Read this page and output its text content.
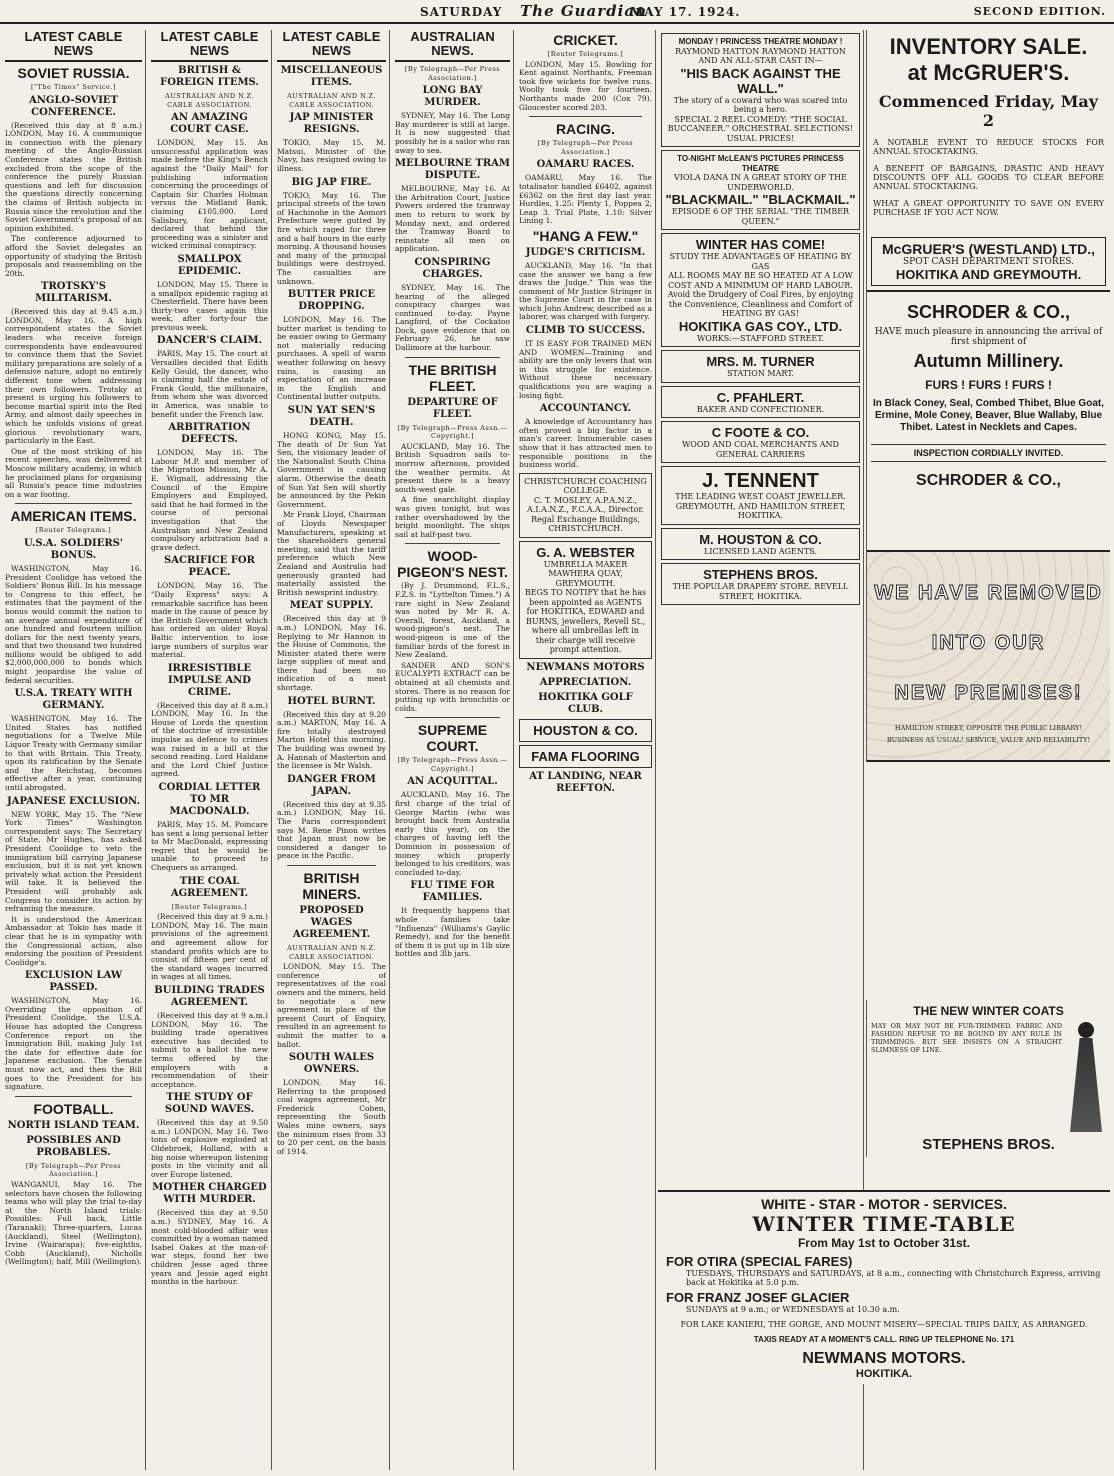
SATURDAY The Guardian
MAY 17. 1924.	SECOND EDITION.
LATEST CABLE NEWS
SOVIET RUSSIA.
["The Times" Service.]
ANGLO-SOVIET CONFERENCE.

(Received this day at 8 a.m.) LONDON, May 16. A communique in connection with the plenary meeting of the Anglo-Russian Conference states the British excluded from the scope of the conference the purely Russian questions and left for discussion the questions directly concerning the claims of British subjects in Russia since the revolution and the Soviet Government's proposal of an opinion exhibited.

The conference adjourned to afford the Soviet delegates an opportunity of studying the British proposals and reassembling on the 20th.

TROTSKY'S MILITARISM.

(Received this day at 9.45 a.m.) LONDON, May 16. A high correspondent states the Soviet leaders who receive foreign correspondents have endeavoured to convince them that the Soviet military preparations are solely of a defensive nature, adopt no entirely different tone when addressing their own followers. Trotsky at present is urging his followers to become martial spirit into the Red Army, and almost daily speeches in which he unfolds visions of great glorious revolutionary wars, particularly in the East.

One of the most striking of his recent speeches, was delivered at Moscow military academy, in which he proclaimed plans for organising all Russia's peace time industries on a war footing.

AMERICAN ITEMS.
[Reuter Telegrams.]
U.S.A. SOLDIERS' BONUS.

WASHINGTON, May 16. President Coolidge has vetoed the Soldiers' Bonus Bill. In his message to Congress to this effect, he estimates that the payment of the bonus would commit the nation to an average annual expenditure of one hundred and fourteen million dollars for the next twenty years, and that two thousand two hundred millions would be obliged to add $2,000,000,000 to bonds which might jeopardise the value of federal securities.

U.S.A. TREATY WITH GERMANY.

WASHINGTON, May 16. The United States has notified negotiations for a Twelve Mile Liquor Treaty with Germany similar to that with Britain. This Treaty, upon its ratification by the Senate and the Reichstag, becomes effective after a year, continuing until abrogated.

JAPANESE EXCLUSION.

NEW YORK, May 15. The "New York Times" Washington correspondent says: The Secretary of State, Mr Hughes, has asked President Coolidge to veto the immigration bill carrying Japanese exclusion, but it is not yet known privately what action the President will take. It is believed the President will probably ask Congress to consider its action by reframing the measure.

It is understood the American Ambassador at Tokio has made it clear that he is in sympathy with the Congressional action, also endorsing the position of President Coolidge's.

EXCLUSION LAW PASSED.

WASHINGTON, May 16. Overriding the opposition of President Coolidge, the U.S.A. House has adopted the Congress Conference report on the Immigration Bill, making July 1st the date for effective date for Japanese exclusion. The Senate must now act, and then the Bill goes to the President for his signature.

FOOTBALL.
NORTH ISLAND TEAM.
POSSIBLES AND PROBABLES.
[By Telegraph—Per Press Association.]

WANGANUI, May 16. The selectors have chosen the following teams who will play the trial to-day at the North Island trials: Possibles: Full back, Little (Taranaki); Three-quarters, Lucas (Auckland), Steel (Wellington), Irvine (Wairarapa); five-eighths, Cobb (Auckland), Nicholls (Wellington); half, Mill (Wellington).

LATEST CABLE NEWS
BRITISH & FOREIGN ITEMS.
AUSTRALIAN AND N.Z. CABLE ASSOCIATION.
AN AMAZING COURT CASE.

LONDON, May 15. An unsuccessful application was made before the King's Bench against the "Daily Mail" for publishing information concerning the proceedings of Captain Sir Charles Holman versus the Midland Bank, claiming £105,000. Lord Salisbury, for applicant, declared that behind the proceeding was a sinister and wicked criminal conspiracy.

SMALLPOX EPIDEMIC.

LONDON, May 15. There is a smallpox epidemic raging at Chesterfield. There have been thirty-two cases again this week, after forty-four the previous week.

DANCER'S CLAIM.

PARIS, May 15. The court at Versailles decided that Edith Kelly Gould, the dancer, who is claiming half the estate of Frank Gould, the millionaire, from whom she was divorced in America, was unable to benefit under the French law.

ARBITRATION DEFECTS.

LONDON, May 16. The Labour M.P. and member of the Migration Mission, Mr A. E. Wignall, addressing the Council of the Empire Employers and Employed, said that he had formed in the course of personal investigation that the Australian and New Zealand compulsory arbitration had a grave defect.

SACRIFICE FOR PEACE.

LONDON, May 16. The "Daily Express" says: A remarkable sacrifice has been made in the cause of peace by the British Government which has ordered an older Royal Baltic intervention to lose large numbers of surplus war material.

IRRESISTIBLE IMPULSE AND CRIME.

(Received this day at 8 a.m.) LONDON, May 16. In the House of Lords the question of the doctrine of irresistible impulse as defence to crimes was raised in a bill at the second reading. Lord Haldane and the Lord Chief Justice agreed.

CORDIAL LETTER TO MR MACDONALD.

PARIS, May 15. M. Poincare has sent a long personal letter to Mr MacDonald, expressing regret that he would be unable to proceed to Chequers as arranged.

THE COAL AGREEMENT.
[Reuter Telegrams.]

(Received this day at 9 a.m.) LONDON, May 16. The main provisions of the agreement and agreement allow for standard profits which are to consist of fifteen per cent of the standard wages incurred in wages at all times.

BUILDING TRADES AGREEMENT.

(Received this day at 9 a.m.) LONDON, May 16. The building trade operatives executive has decided to submit to a ballot the new terms offered by the employers with a recommendation of their acceptance.

THE STUDY OF SOUND WAVES.

(Received this day at 9.50 a.m.) LONDON, May 16. Two tons of explosive exploded at Oldebroek, Holland, with a big noise whereupon listening posts in the vicinity and all over Europe listened.

MOTHER CHARGED WITH MURDER.

(Received this day at 9.50 a.m.) SYDNEY, May 16. A most cold-blooded affair was committed by a woman named Isabel Oakes at the man-of-war steps, found her two children Jesse aged three years and Jessie aged eight months in the harbour.

LATEST CABLE NEWS
MISCELLANEOUS ITEMS.
AUSTRALIAN AND N.Z. CABLE ASSOCIATION.
JAP MINISTER RESIGNS.

TOKIO, May 15. M. Matsui, Minister of the Navy, has resigned owing to illness.

BIG JAP FIRE.

TOKIO, May 16. The principal streets of the town of Hachinohe in the Aomori Prefecture were gutted by fire which raged for three and a half hours in the early morning. A thousand houses and many of the principal buildings were destroyed. The casualties are unknown.

BUTTER PRICE DROPPING.

LONDON, May 16. The butter market is tending to be easier owing to Germany not materially reducing purchases. A spell of warm weather following on heavy rains, is causing an expectation of an increase in the English and Continental butter outputs.

SUN YAT SEN'S DEATH.

HONG KONG, May 15. The death of Dr Sun Yat Sen, the visionary leader of the Nationalist South China Government is causing alarm. Otherwise the death of Sun Yat Sen will shortly be announced by the Pekin Government.

Mr Frank Lloyd, Chairman of Lloyds Newspaper Manufacturers, speaking at the shareholders general meeting, said that the tariff preference which New Zealand and Australia had generously granted had materially assisted the British newsprint industry.

MEAT SUPPLY.

(Received this day at 9 a.m.) LONDON, May 16. Replying to Mr Hannon in the House of Commons, the Minister stated there were large supplies of meat and there had been no indication of a meat shortage.

HOTEL BURNT.

(Received this day at 9.20 a.m.) MARTON, May 16. A fire totally destroyed Marton Hotel this morning. The building was owned by A. Hannah of Masterton and the licensee is Mr Walsh.

DANGER FROM JAPAN.

(Received this day at 9.35 a.m.) LONDON, May 16. The Paris correspondent says M. Rene Pinon writes that Japan must now be considered a danger to peace in the Pacific.

BRITISH MINERS.
PROPOSED WAGES AGREEMENT.
AUSTRALIAN AND N.Z. CABLE ASSOCIATION.

LONDON, May 15. The conference of representatives of the coal owners and the miners, held to negotiate a new agreement in place of the present Court of Enquiry, resulted in an agreement to submit the matter to a ballot.

SOUTH WALES OWNERS.

LONDON, May 16. Referring to the proposed coal wages agreement, Mr Frederick Cohen, representing the South Wales mine owners, says the minimum rises from 33 to 20 per cent, on the basis of 1914.

AUSTRALIAN NEWS.
[By Telegraph—Per Press Association.]
LONG BAY MURDER.

SYDNEY, May 16. The Long Bay murderer is still at large. It is now suggested that possibly he is a sailor who ran away to sea.

MELBOURNE TRAM DISPUTE.

MELBOURNE, May 16. At the Arbitration Court, Justice Powers ordered the tramway men to return to work by Monday next, and ordered the Tramway Board to reinstate all men on application.

CONSPIRING CHARGES.

SYDNEY, May 16. The hearing of the alleged conspiracy charges was continued to-day. Payne Langford, of the Cockatoo Dock, gave evidence that on February 26, he saw Dallimore at the harbour.

THE BRITISH FLEET.
DEPARTURE OF FLEET.
[By Telegraph—Press Assn.—Copyright.]

AUCKLAND, May 16. The British Squadron sails to-morrow afternoon, provided the weather permits. At present there is a heavy south-west gale.

A fine searchlight display was given tonight, but was rather overshadowed by the bright moonlight. The ships sail at half-past two.

WOOD-PIGEON'S NEST.

(By J. Drummond, F.L.S., F.Z.S. in "Lyttelton Times.") A rare sight in New Zealand was noted by Mr R. A. Overall, forest, Auckland, a wood-pigeon's nest. The wood-pigeon is one of the familiar birds of the forest in New Zealand.

SANDER AND SON'S EUCALYPTI EXTRACT can be obtained at all chemists and stores. There is no reason for putting up with bronchitis or colds.

SUPREME COURT.
[By Telegraph—Press Assn.—Copyright.]
AN ACQUITTAL.

AUCKLAND, May 16. The first charge of the trial of George Martin (who was brought back from Australia early this year), on the charges of having left the Dominion in possession of money which properly belonged to his creditors, was concluded to-day.

FLU TIME FOR FAMILIES.

It frequently happens that whole families take "Influenza" (Williams's Gaylic Remedy), and for the benefit of them it is put up in 1lb size bottles and 3lb jars.

CRICKET.
[Reuter Telegrams.]

LONDON, May 15. Bowling for Kent against Northants, Freeman took five wickets for twelve runs. Woolly took five for fourteen. Northants made 200 (Cox 79). Gloucester scored 203.

RACING.
[By Telegraph—Per Press Association.]
OAMARU RACES.

OAMARU, May 16. The totalisator handled £6402, against £6362 on the first day last year. Hurdles, 1.25: Plenty 1, Poppea 2, Leap 3. Trial Plate, 1.10: Silver Lining 1.

"HANG A FEW."
JUDGE'S CRITICISM.

AUCKLAND, May 16. "In that case the answer we hang a few draws the Judge." This was the comment of Mr Justice Stringer in the Supreme Court in the case in which John Andrew, described as a laborer, was charged with forgery.

CLIMB TO SUCCESS.

IT IS EASY FOR TRAINED MEN AND WOMEN—Training and ability are the only levers that win in this struggle for existence. Without these necessary qualifications you are waging a losing fight.

ACCOUNTANCY.

A knowledge of Accountancy has often proved a big factor in a man's career. Innumerable cases show that it has attracted men to responsible positions in the business world.

CHRISTCHURCH COACHING COLLEGE.
C. T. MOSLEY, A.P.A.N.Z., A.I.A.N.Z., F.C.A.A., Director. Regal Exchange Buildings, CHRISTCHURCH.
G. A. WEBSTER
UMBRELLA MAKER
MAWHERA QUAY, GREYMOUTH.
BEGS TO NOTIFY that he has been appointed as AGENTS for HOKITIKA, EDWARD and BURNS, jewellers, Revell St., where all umbrellas left in their charge will receive prompt attention.
NEWMANS MOTORS
APPRECIATION.
HOKITIKA GOLF CLUB.
HOUSTON & CO.
FAMA FLOORING
AT LANDING, NEAR REEFTON.
MONDAY ! PRINCESS THEATRE MONDAY !
RAYMOND HATTON RAYMOND HATTON
AND AN ALL-STAR CAST IN—
"HIS BACK AGAINST THE WALL."
The story of a coward who was scared into being a hero.
SPECIAL 2 REEL COMEDY: "THE SOCIAL BUCCANEER." ORCHESTRAL SELECTIONS! USUAL PRICES!
TO-NIGHT McLEAN'S PICTURES PRINCESS THEATRE
VIOLA DANA IN A GREAT STORY OF THE UNDERWORLD.
"BLACKMAIL." "BLACKMAIL."
EPISODE 6 OF THE SERIAL "THE TIMBER QUEEN."
WINTER HAS COME!
STUDY THE ADVANTAGES OF HEATING BY GAS
ALL ROOMS MAY BE SO HEATED AT A LOW COST AND A MINIMUM OF HARD LABOUR.
Avoid the Drudgery of Coal Fires, by enjoying the Convenience, Cleanliness and Comfort of HEATING BY GAS!
HOKITIKA GAS COY., LTD.
WORKS:—STAFFORD STREET.
MRS. M. TURNER
STATION MART.
C. PFAHLERT.
BAKER AND CONFECTIONER.
C FOOTE & CO.
WOOD AND COAL MERCHANTS AND GENERAL CARRIERS
J. TENNENT
THE LEADING WEST COAST JEWELLER.
GREYMOUTH, AND HAMILTON STREET, HOKITIKA.
M. HOUSTON & CO.
LICENSED LAND AGENTS.
STEPHENS BROS.
THE POPULAR DRAPERY STORE. REVELL STREET, HOKITIKA.
INVENTORY SALE.
at McGRUER'S.
Commenced Friday, May 2

A NOTABLE EVENT TO REDUCE STOCKS FOR ANNUAL STOCKTAKING.

A BENEFIT OF BARGAINS, DRASTIC AND HEAVY DISCOUNTS OFF ALL GOODS TO CLEAR BEFORE ANNUAL STOCKTAKING.

WHAT A GREAT OPPORTUNITY TO SAVE ON EVERY PURCHASE IF YOU ACT NOW.

McGRUER'S (WESTLAND) LTD.,
SPOT CASH DEPARTMENT STORES.
HOKITIKA AND GREYMOUTH.
SCHRODER & CO.,
HAVE much pleasure in announcing the arrival of first shipment of
Autumn Millinery.
FURS ! FURS ! FURS !
In Black Coney, Seal, Combed Thibet, Blue Goat, Ermine, Mole Coney, Beaver, Blue Wallaby, Blue Thibet. Latest in Necklets and Capes.
INSPECTION CORDIALLY INVITED.
SCHRODER & CO.,
WE HAVE REMOVED
INTO OUR
NEW PREMISES!
HAMILTON STREET, OPPOSITE THE PUBLIC LIBRARY!
BUSINESS AS USUAL! SERVICE, VALUE AND RELIABILITY!
THE NEW WINTER COATS
MAY OR MAY NOT BE FUR-TRIMMED. FABRIC AND FASHION REFUSE TO BE BOUND BY ANY RULE IN TRIMMINGS. BUT SEE INSISTS ON A STRAIGHT SLIMNESS OF LINE.
STEPHENS BROS.
WHITE - STAR - MOTOR - SERVICES.
WINTER TIME-TABLE
From May 1st to October 31st.
FOR OTIRA (SPECIAL FARES)
TUESDAYS, THURSDAYS and SATURDAYS, at 8 a.m., connecting with Christchurch Express, arriving back at Hokitika at 5.0 p.m.
FOR FRANZ JOSEF GLACIER
SUNDAYS at 9 a.m.; or WEDNESDAYS at 10.30 a.m.
FOR LAKE KANIERI, THE GORGE, AND MOUNT MISERY—SPECIAL TRIPS DAILY, AS ARRANGED.
TAXIS READY AT A MOMENT'S CALL. RING UP TELEPHONE No. 171
NEWMANS MOTORS.
HOKITIKA.
